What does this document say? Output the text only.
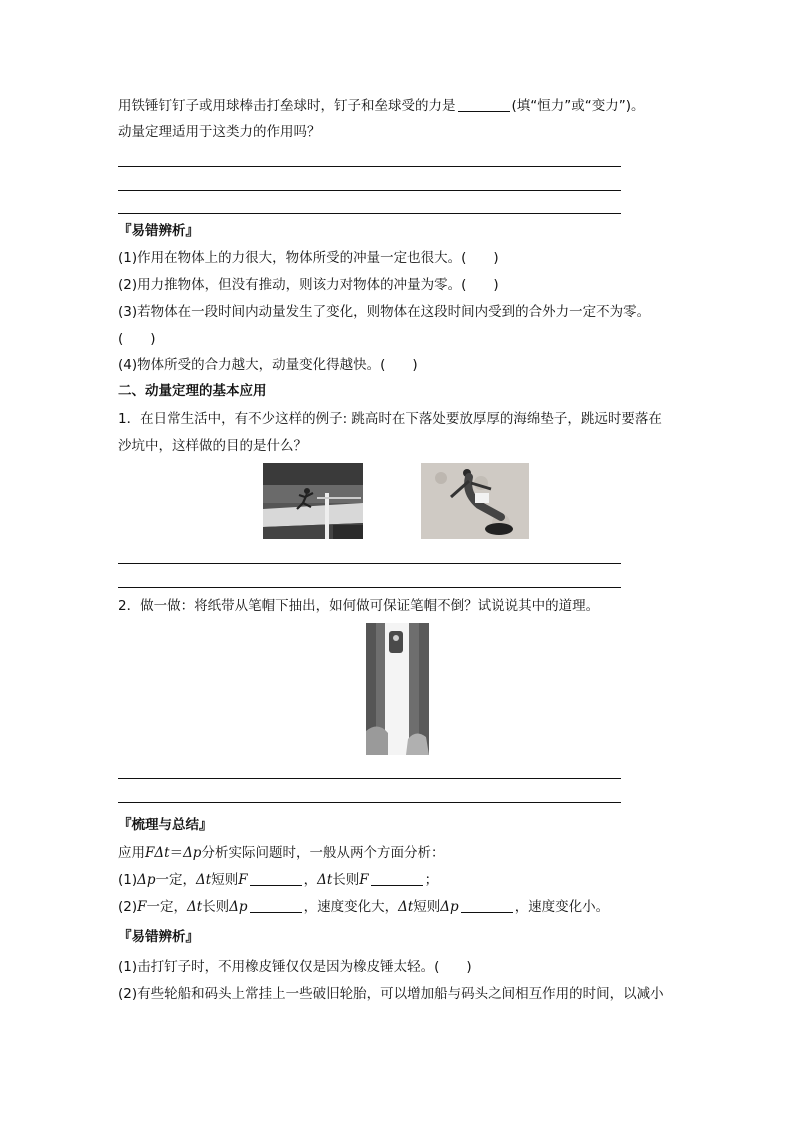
用铁锤钉钉子或用球棒击打垒球时，钉子和垒球受的力是	(填“恒力”或“变力”)。
动量定理适用于这类力的作用吗？
『易错辨析』
(1)作用在物体上的力很大，物体所受的冲量一定也很大。(　　)
(2)用力推物体，但没有推动，则该力对物体的冲量为零。(　　)
(3)若物体在一段时间内动量发生了变化，则物体在这段时间内受到的合外力一定不为零。
(　　)
(4)物体所受的合力越大，动量变化得越快。(　　)
二、动量定理的基本应用
1．在日常生活中，有不少这样的例子: 跳高时在下落处要放厚厚的海绵垫子，跳远时要落在
沙坑中，这样做的目的是什么？
2．做一做：将纸带从笔帽下抽出，如何做可保证笔帽不倒？试说说其中的道理。
『梳理与总结』
应用FΔt＝Δp分析实际问题时，一般从两个方面分析：
(1)Δp一定，Δt短则F	，Δt长则F	；
(2)F一定，Δt长则Δp	，速度变化大，Δt短则Δp	，速度变化小。
『易错辨析』
(1)击打钉子时，不用橡皮锤仅仅是因为橡皮锤太轻。(　　)
(2)有些轮船和码头上常挂上一些破旧轮胎，可以增加船与码头之间相互作用的时间，以减小
